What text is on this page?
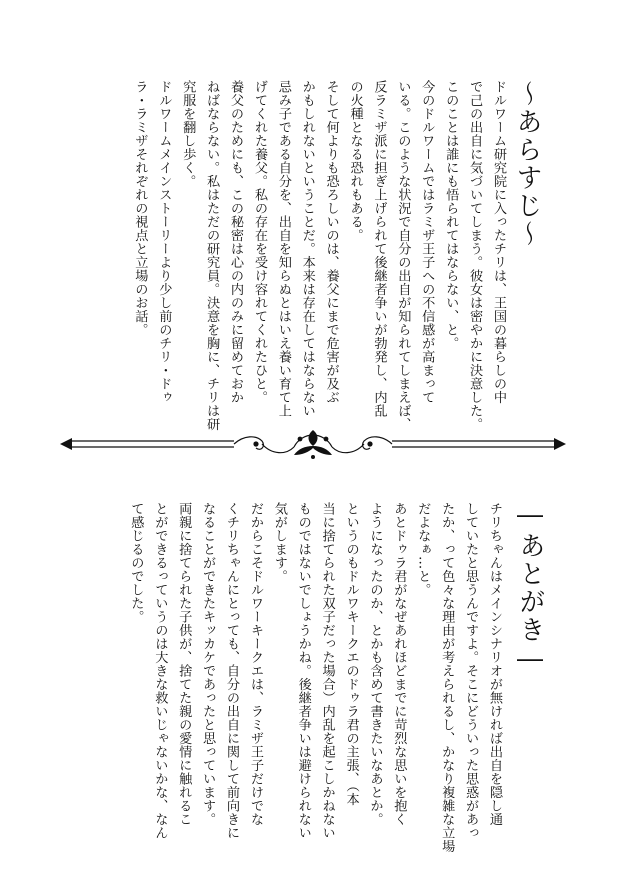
〜あらすじ〜

ドルワーム研究院に入ったチリは、王国の暮らしの中

で己の出自に気づいてしまう。彼女は密やかに決意した。

このことは誰にも悟られてはならない、と。

今のドルワームではラミザ王子への不信感が高まって

いる。このような状況で自分の出自が知られてしまえば、

反ラミザ派に担ぎ上げられて後継者争いが勃発し、内乱

の火種となる恐れもある。

そして何よりも恐ろしいのは、養父にまで危害が及ぶ

かもしれないということだ。本来は存在してはならない

忌み子である自分を、出自を知らぬとはいえ養い育て上

げてくれた養父。私の存在を受け容れてくれたひと。

養父のためにも、この秘密は心の内のみに留めておか

ねばならない。私はただの研究員。決意を胸に、チリは研

究服を翻し歩く。

ドルワームメインストーリーより少し前のチリ・ドゥ

ラ・ラミザそれぞれの視点と立場のお話。

―あとがき―

チリちゃんはメインシナリオが無ければ出自を隠し通

していたと思うんですよ。そこにどういった思惑があっ

たか、って色々な理由が考えられるし、かなり複雑な立場

だよなぁ…と。

あとドゥラ君がなぜあれほどまでに苛烈な思いを抱く

ようになったのか、とかも含めて書きたいなあとか。

というのもドルワキークエのドゥラ君の主張、（本

当に捨てられた双子だった場合）内乱を起こしかねない

ものではないでしょうかね。後継者争いは避けられない

気がします。

だからこそドルワーキークエは、ラミザ王子だけでな

くチリちゃんにとっても、自分の出自に関して前向きに

なることができたキッカケであったと思っています。

両親に捨てられた子供が、捨てた親の愛情に触れるこ

とができるっていうのは大きな救いじゃないかな、なん

て感じるのでした。
